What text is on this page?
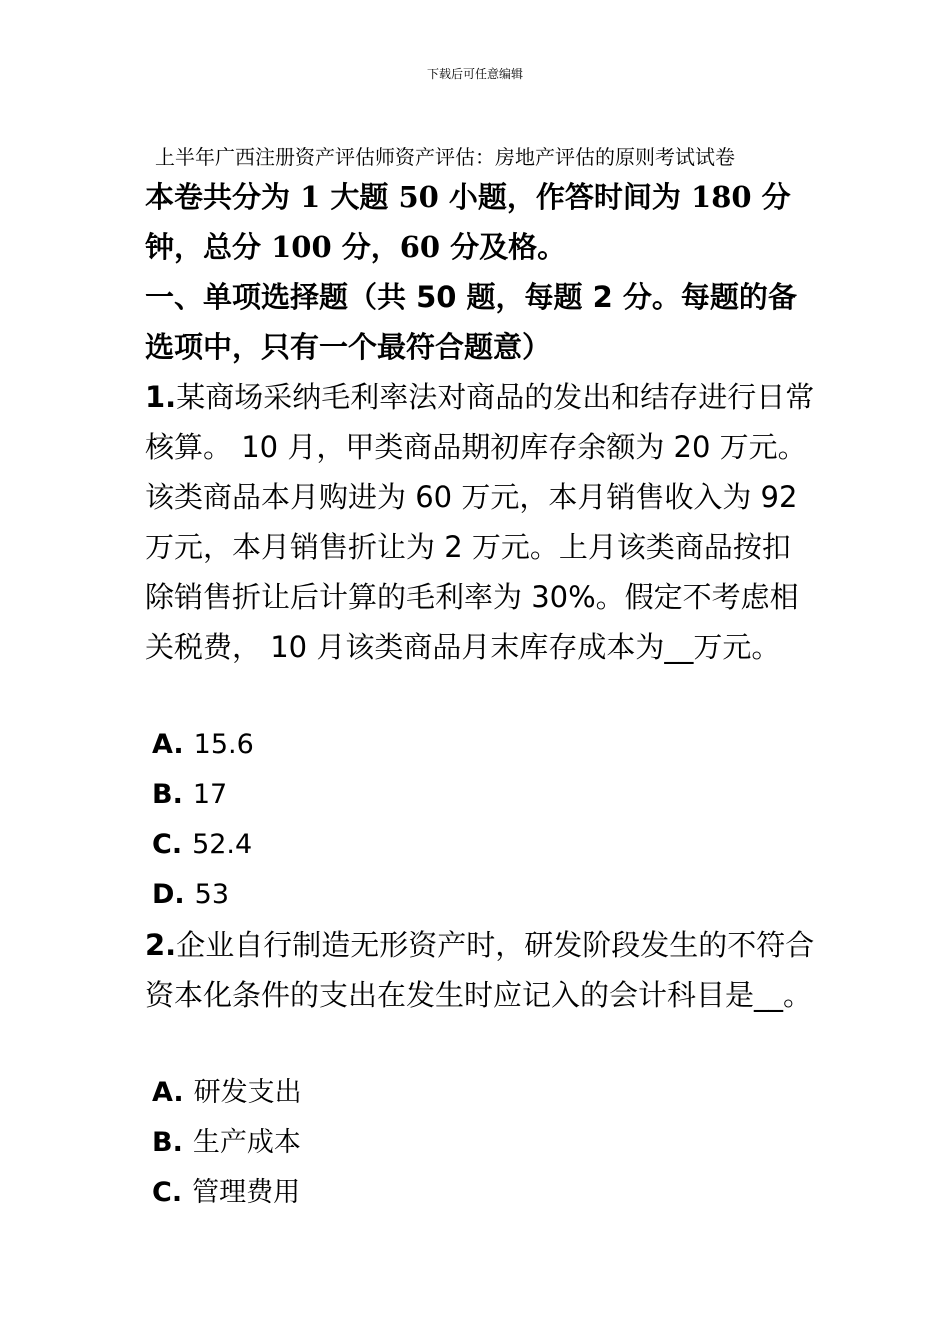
下载后可任意编辑
上半年广西注册资产评估师资产评估：房地产评估的原则考试试卷
本卷共分为 1 大题 50 小题，作答时间为 180 分钟，总分 100 分，60 分及格。
一、单项选择题（共 50 题，每题 2 分。每题的备选项中，只有一个最符合题意）
1.某商场采纳毛利率法对商品的发出和结存进行日常核算。 10 月，甲类商品期初库存余额为 20 万元。该类商品本月购进为 60 万元，本月销售收入为 92 万元，本月销售折让为 2 万元。上月该类商品按扣除销售折让后计算的毛利率为 30%。假定不考虑相关税费， 10 月该类商品月末库存成本为__万元。
A. 15.6
B. 17
C. 52.4
D. 53
2.企业自行制造无形资产时，研发阶段发生的不符合资本化条件的支出在发生时应记入的会计科目是__。
A. 研发支出
B. 生产成本
C. 管理费用
